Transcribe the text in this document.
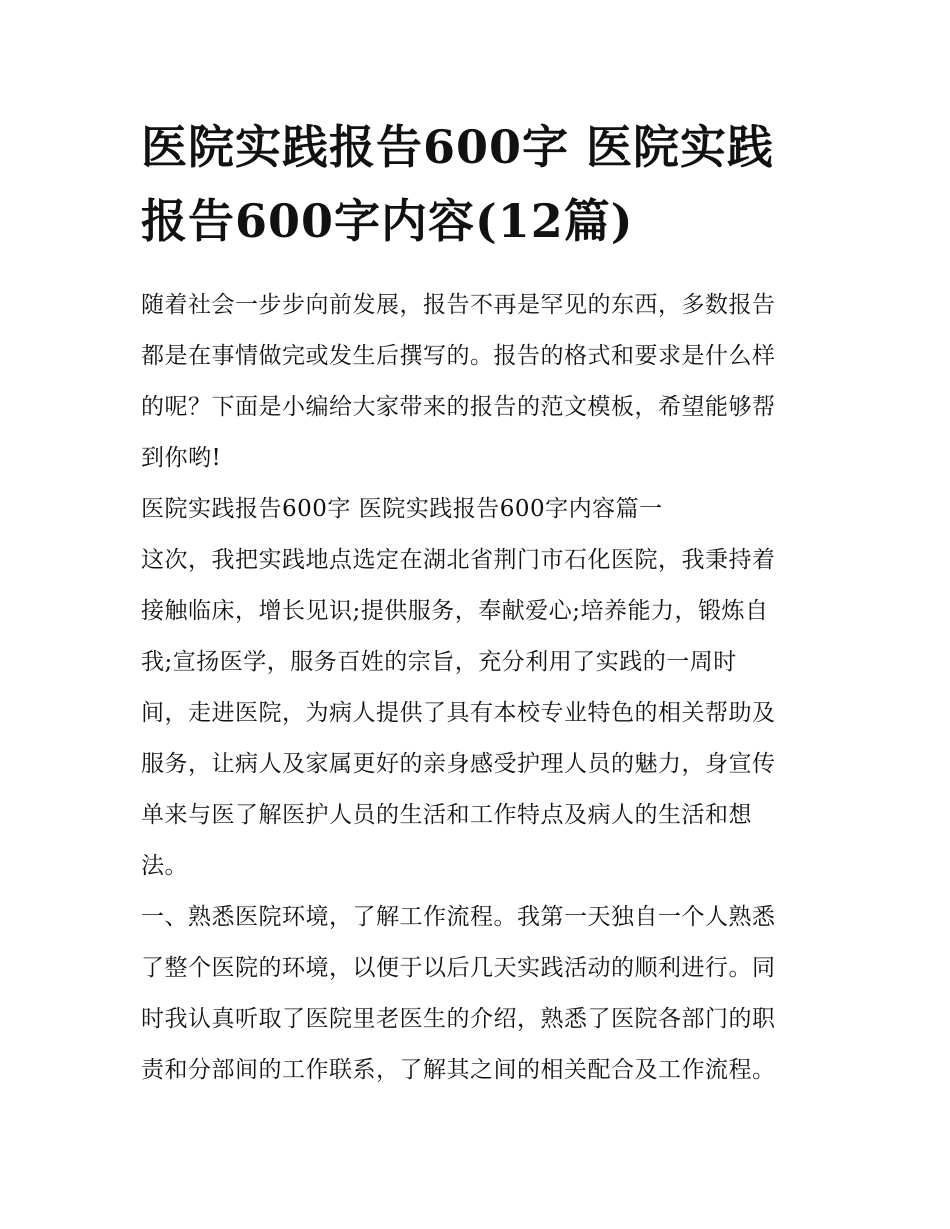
医院实践报告600字 医院实践
报告600字内容(12篇)
随着社会一步步向前发展，报告不再是罕见的东西，多数报告
都是在事情做完或发生后撰写的。报告的格式和要求是什么样
的呢？下面是小编给大家带来的报告的范文模板，希望能够帮
到你哟!
医院实践报告600字 医院实践报告600字内容篇一
这次，我把实践地点选定在湖北省荆门市石化医院，我秉持着
接触临床，增长见识;提供服务，奉献爱心;培养能力，锻炼自
我;宣扬医学，服务百姓的宗旨，充分利用了实践的一周时
间，走进医院，为病人提供了具有本校专业特色的相关帮助及
服务，让病人及家属更好的亲身感受护理人员的魅力，身宣传
单来与医了解医护人员的生活和工作特点及病人的生活和想
法。
一、熟悉医院环境，了解工作流程。我第一天独自一个人熟悉
了整个医院的环境，以便于以后几天实践活动的顺利进行。同
时我认真听取了医院里老医生的介绍，熟悉了医院各部门的职
责和分部间的工作联系，了解其之间的相关配合及工作流程。
